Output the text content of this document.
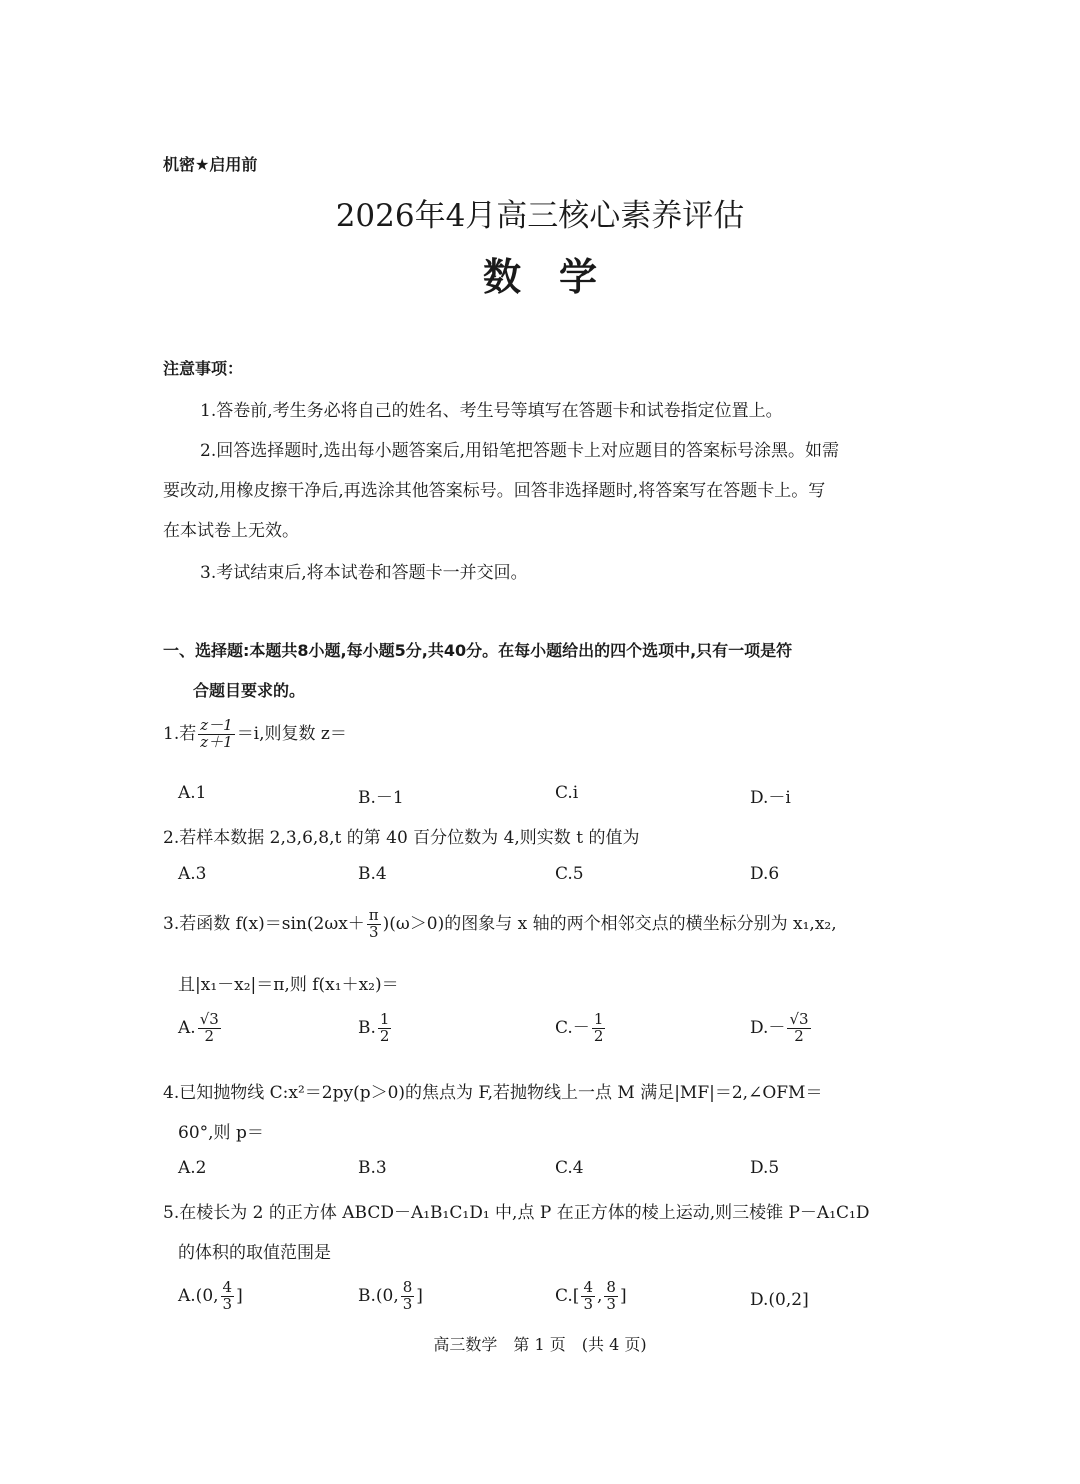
机密★启用前
2026年4月高三核心素养评估
数　学
注意事项：
1.答卷前,考生务必将自己的姓名、考生号等填写在答题卡和试卷指定位置上。
2.回答选择题时,选出每小题答案后,用铅笔把答题卡上对应题目的答案标号涂黑。如需
要改动,用橡皮擦干净后,再选涂其他答案标号。回答非选择题时,将答案写在答题卡上。写
在本试卷上无效。
3.考试结束后,将本试卷和答题卡一并交回。
一、选择题:本题共8小题,每小题5分,共40分。在每小题给出的四个选项中,只有一项是符
合题目要求的。
1.若 $\frac{z-1}{z+1} =i$,则复数 z＝
A.1	B.－1	C.i	D.－i
2.若样本数据 2,3,6,8,t 的第 40 百分位数为 4,则实数 t 的值为
A.3	B.4	C.5	D.6
3.若函数 $f(x)=\sin(2\omega x+ \frac{\pi}{3} )(\omega>0)$的图象与 x 轴的两个相邻交点的横坐标分别为 x₁,x₂,
且|x₁－x₂|＝π,则 f(x₁＋x₂)＝
A. $\frac{√3}{2}$	B. $\frac{1}{2}$	$C.- \frac{1}{2}$	$D.- \frac{√3}{2}$
4.已知抛物线 C:x²＝2py(p＞0)的焦点为 F,若抛物线上一点 M 满足|MF|＝2,∠OFM＝
60°,则 p＝
A.2	B.3	C.4	D.5
5.在棱长为 2 的正方体 ABCD－A₁B₁C₁D₁ 中,点 P 在正方体的棱上运动,则三棱锥 P－A₁C₁D
的体积的取值范围是
A.(0, $\frac{4}{3}$ ]	B.(0, $\frac{8}{3}$ ]	$C.[ \frac{4}{3}$ , $\frac{8}{3}$ ]	D.(0,2]
高三数学　第 1 页　(共 4 页)
